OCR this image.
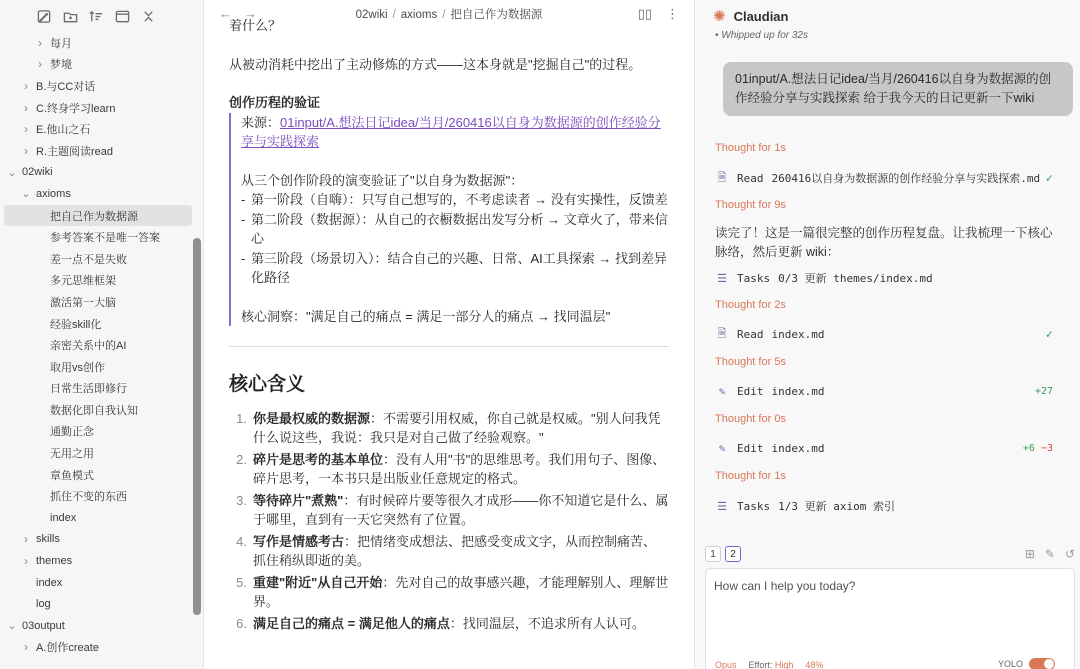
› 每月
› 梦境
› B.与CC对话
› C.终身学习learn
› E.他山之石
› R.主题阅读read
⌄ 02wiki
⌄ axioms
把自己作为数据源
参考答案不是唯一答案
差一点不是失败
多元思维框架
激活第一大脑
经验skill化
亲密关系中的AI
取用vs创作
日常生活即修行
数据化即自我认知
通勤正念
无用之用
章鱼模式
抓住不变的东西
index
› skills
› themes
index
log
⌄ 03output
› A.创作create
← →	02wiki / axioms / 把自己作为数据源	▯▯ ⋮

着什么？

从被动消耗中挖出了主动修炼的方式——这本身就是"挖掘自己"的过程。

创作历程的验证

来源：01input/A.想法日记idea/当月/260416以自身为数据源的创作经验分享与实践探索

从三个创作阶段的演变验证了"以自身为数据源"：

- 第一阶段（自嗨）：只写自己想写的，不考虑读者 → 没有实操性，反馈差
- 第二阶段（数据源）：从自己的衣橱数据出发写分析 → 文章火了，带来信心
- 第三阶段（场景切入）：结合自己的兴趣、日常、AI工具探索 → 找到差异化路径

核心洞察："满足自己的痛点 = 满足一部分人的痛点 → 找同温层"

核心含义
1. 你是最权威的数据源：不需要引用权威，你自己就是权威。"别人问我凭什么说这些，我说：我只是对自己做了经验观察。"
2. 碎片是思考的基本单位：没有人用"书"的思维思考。我们用句子、图像、碎片思考，一本书只是出版业任意规定的格式。
3. 等待碎片"煮熟"：有时候碎片要等很久才成形——你不知道它是什么、属于哪里，直到有一天它突然有了位置。
4. 写作是情感考古：把情绪变成想法、把感受变成文字，从而控制痛苦、抓住稍纵即逝的美。
5. 重建"附近"从自己开始：先对自己的故事感兴趣，才能理解别人、理解世界。
6. 满足自己的痛点 = 满足他人的痛点：找同温层，不追求所有人认可。
✺ Claudian
• Whipped up for 32s
01input/A.想法日记idea/当月/260416以自身为数据源的创作经验分享与实践探索 给于我今天的日记更新一下wiki
Thought for 1s
🗎 Read 260416以自身为数据源的创作经验分享与实践探索.md ✓
Thought for 9s
☰ Tasks 0/3 更新 themes/index.md
Thought for 2s
🗎 Read index.md	✓
Thought for 5s
✎	Edit index.md	+27
Thought for 0s
✎	Edit index.md	+6 −3
Thought for 1s
☰ Tasks 1/3 更新 axiom 索引
读完了！这是一篇很完整的创作历程复盘。让我梳理一下核心脉络，然后更新 wiki：
1	2	⊞ ✎ ↺
How can I help you today?
Opus Effort: High 48%	YOLO
